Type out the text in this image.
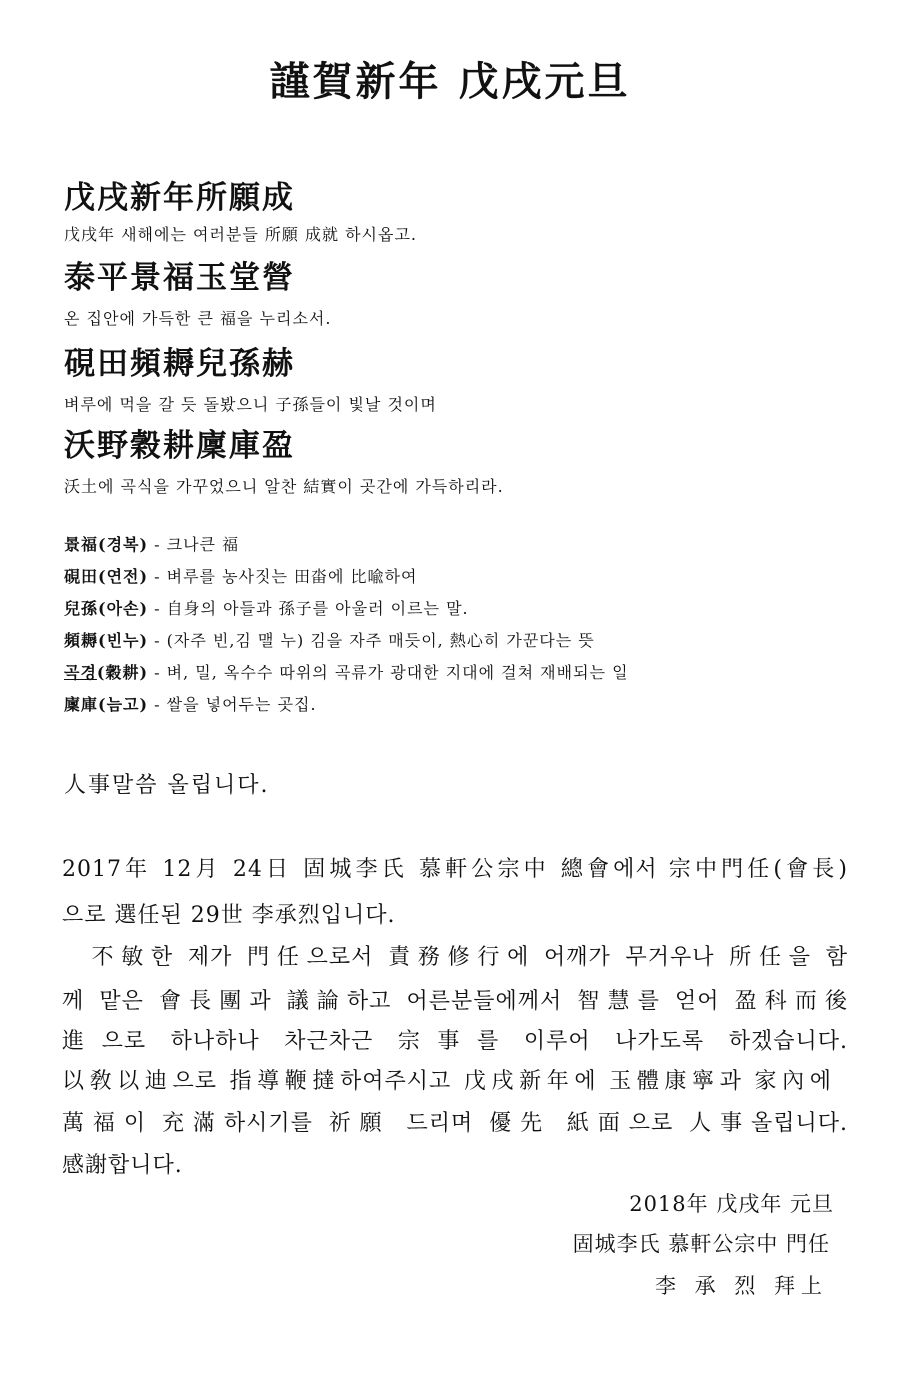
謹賀新年 戊戌元旦
戊戌新年所願成
戊戌年 새해에는 여러분들 所願 成就 하시옵고.
泰平景福玉堂營
온 집안에 가득한 큰 福을 누리소서.
硯田頻耨兒孫赫
벼루에 먹을 갈 듯 돌봤으니 子孫들이 빛날 것이며
沃野穀耕廩庫盈
沃土에 곡식을 가꾸었으니 알찬 結實이 곳간에 가득하리라.
景福(경복) - 크나큰 福
硯田(연전) - 벼루를 농사짓는 田畓에 比喩하여
兒孫(아손) - 自身의 아들과 孫子를 아울러 이르는 말.
頻耨(빈누) - (자주 빈,김 맬 누) 김을 자주 매듯이, 熱心히 가꾼다는 뜻
곡경(穀耕) - 벼, 밀, 옥수수 따위의 곡류가 광대한 지대에 걸쳐 재배되는 일
廩庫(늠고) - 쌀을 넣어두는 곳집.
人事말씀 올립니다.
2017年 12月 24日 固城李氏 慕軒公宗中 總會에서 宗中門任(會長)
으로 選任된 29世 李承烈입니다.
不敏한 제가 門任으로서 責務修行에 어깨가 무거우나 所任을 함
께 맡은 會長團과 議論하고 어른분들에께서 智慧를 얻어 盈科而後
進으로 하나하나 차근차근 宗事를 이루어 나가도록 하겠습니다.
以敎以迪으로 指導鞭撻하여주시고 戊戌新年에 玉體康寧과 家內에
萬福이 充滿하시기를 祈願 드리며 優先 紙面으로 人事올립니다.
感謝합니다.
2018年 戊戌年 元旦
固城李氏 慕軒公宗中 門任
李 承 烈 拜上
